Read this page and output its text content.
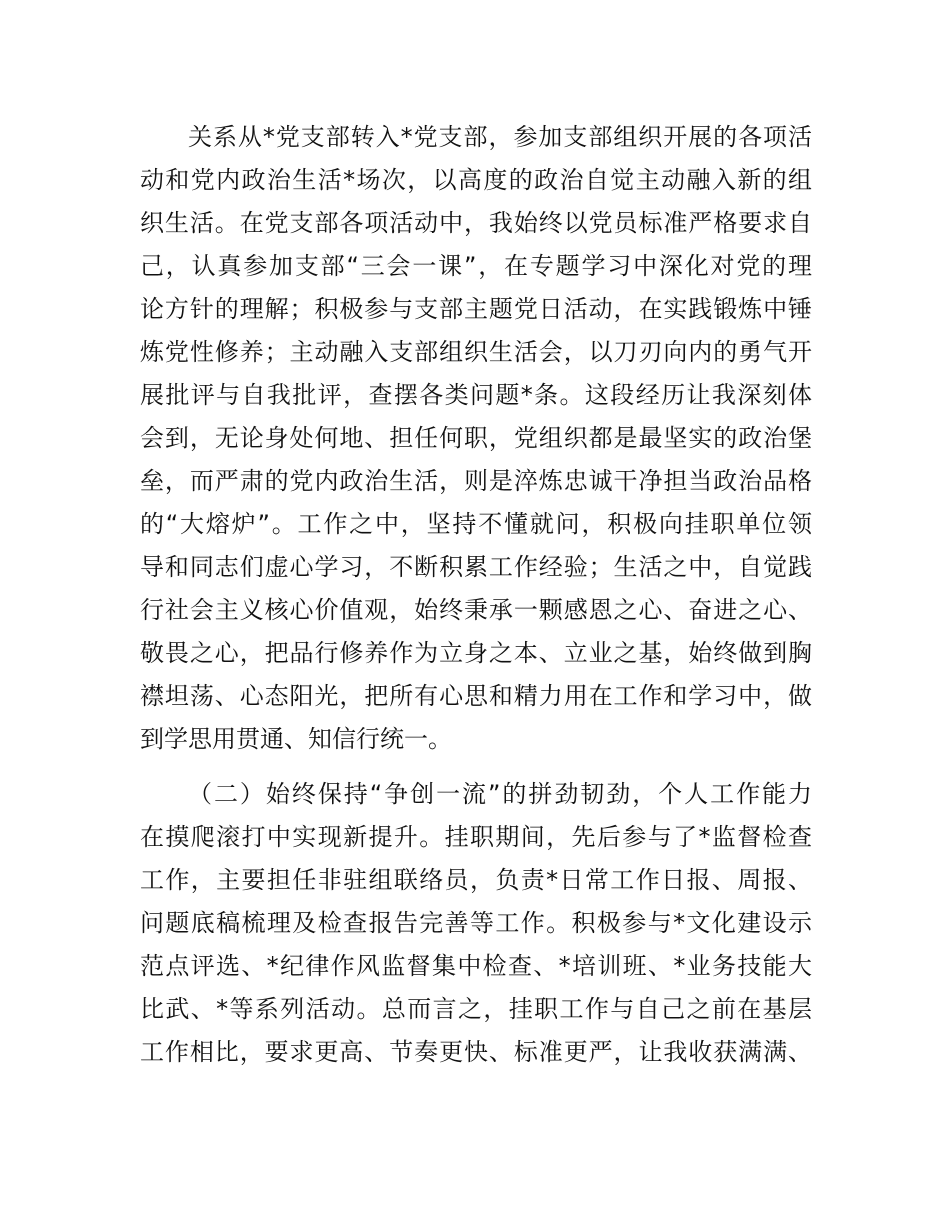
关系从*党支部转入*党支部，参加支部组织开展的各项活
动和党内政治生活*场次，以高度的政治自觉主动融入新的组
织生活。在党支部各项活动中，我始终以党员标准严格要求自
己，认真参加支部“三会一课”，在专题学习中深化对党的理
论方针的理解；积极参与支部主题党日活动，在实践锻炼中锤
炼党性修养；主动融入支部组织生活会，以刀刃向内的勇气开
展批评与自我批评，查摆各类问题*条。这段经历让我深刻体
会到，无论身处何地、担任何职，党组织都是最坚实的政治堡
垒，而严肃的党内政治生活，则是淬炼忠诚干净担当政治品格
的“大熔炉”。工作之中，坚持不懂就问，积极向挂职单位领
导和同志们虚心学习，不断积累工作经验；生活之中，自觉践
行社会主义核心价值观，始终秉承一颗感恩之心、奋进之心、
敬畏之心，把品行修养作为立身之本、立业之基，始终做到胸
襟坦荡、心态阳光，把所有心思和精力用在工作和学习中，做
到学思用贯通、知信行统一。
（二）始终保持“争创一流”的拼劲韧劲，个人工作能力
在摸爬滚打中实现新提升。挂职期间，先后参与了*监督检查
工作，主要担任非驻组联络员，负责*日常工作日报、周报、
问题底稿梳理及检查报告完善等工作。积极参与*文化建设示
范点评选、*纪律作风监督集中检查、*培训班、*业务技能大
比武、*等系列活动。总而言之，挂职工作与自己之前在基层
工作相比，要求更高、节奏更快、标准更严，让我收获满满、
